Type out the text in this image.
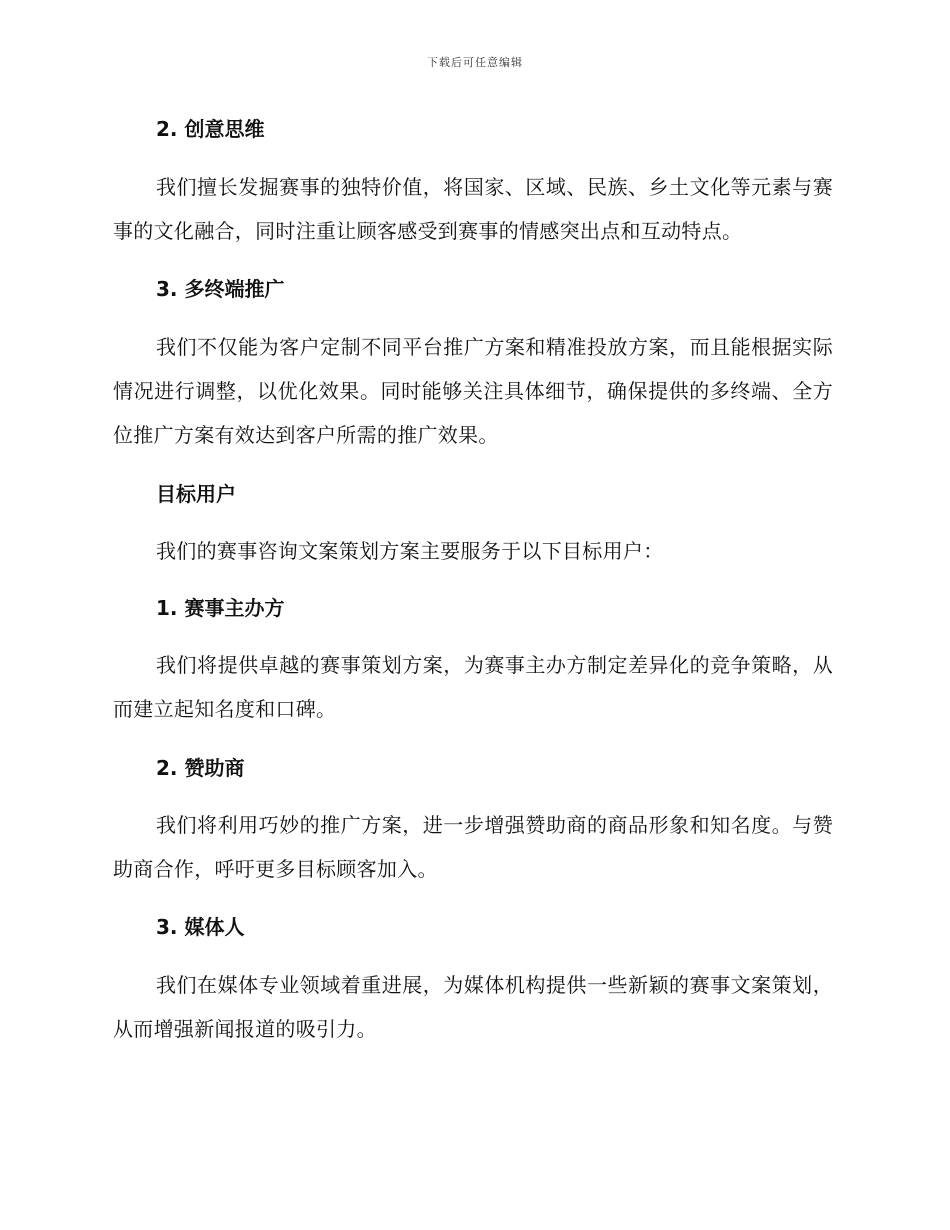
下载后可任意编辑
2. 创意思维

我们擅长发掘赛事的独特价值，将国家、区域、民族、乡土文化等元素与赛事的文化融合，同时注重让顾客感受到赛事的情感突出点和互动特点。

3. 多终端推广

我们不仅能为客户定制不同平台推广方案和精准投放方案，而且能根据实际情况进行调整，以优化效果。同时能够关注具体细节，确保提供的多终端、全方位推广方案有效达到客户所需的推广效果。

目标用户

我们的赛事咨询文案策划方案主要服务于以下目标用户：

1. 赛事主办方

我们将提供卓越的赛事策划方案，为赛事主办方制定差异化的竞争策略，从而建立起知名度和口碑。

2. 赞助商

我们将利用巧妙的推广方案，进一步增强赞助商的商品形象和知名度。与赞助商合作，呼吁更多目标顾客加入。

3. 媒体人

我们在媒体专业领域着重进展，为媒体机构提供一些新颖的赛事文案策划，从而增强新闻报道的吸引力。
